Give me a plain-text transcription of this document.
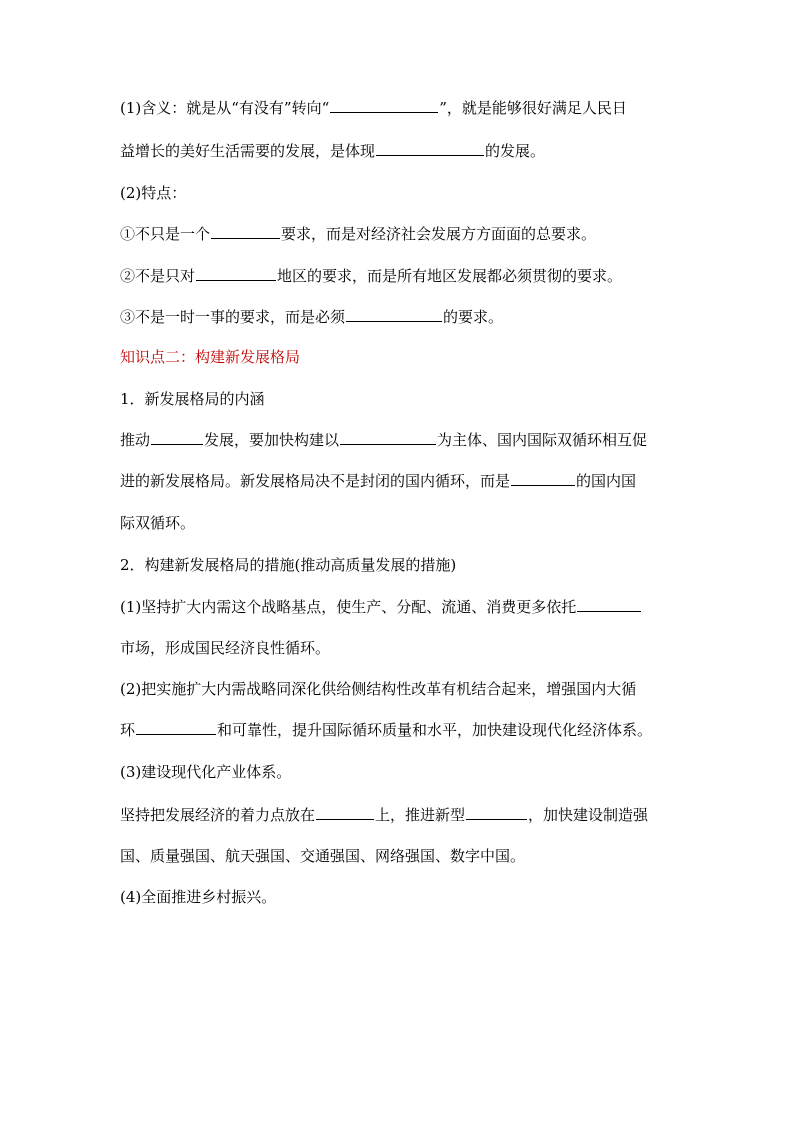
(1)含义：就是从“有没有”转向“	”，就是能够很好满足人民日
益增长的美好生活需要的发展，是体现	的发展。
(2)特点：
①不只是一个	要求，而是对经济社会发展方方面面的总要求。
②不是只对	地区的要求，而是所有地区发展都必须贯彻的要求。
③不是一时一事的要求，而是必须	的要求。
知识点二：构建新发展格局
1．新发展格局的内涵
推动	发展，要加快构建以	为主体、国内国际双循环相互促
进的新发展格局。新发展格局决不是封闭的国内循环，而是	的国内国
际双循环。
2．构建新发展格局的措施(推动高质量发展的措施)
(1)坚持扩大内需这个战略基点，使生产、分配、流通、消费更多依托
市场，形成国民经济良性循环。
(2)把实施扩大内需战略同深化供给侧结构性改革有机结合起来，增强国内大循
环	和可靠性，提升国际循环质量和水平，加快建设现代化经济体系。
(3)建设现代化产业体系。
坚持把发展经济的着力点放在	上，推进新型	，加快建设制造强
国、质量强国、航天强国、交通强国、网络强国、数字中国。
(4)全面推进乡村振兴。
